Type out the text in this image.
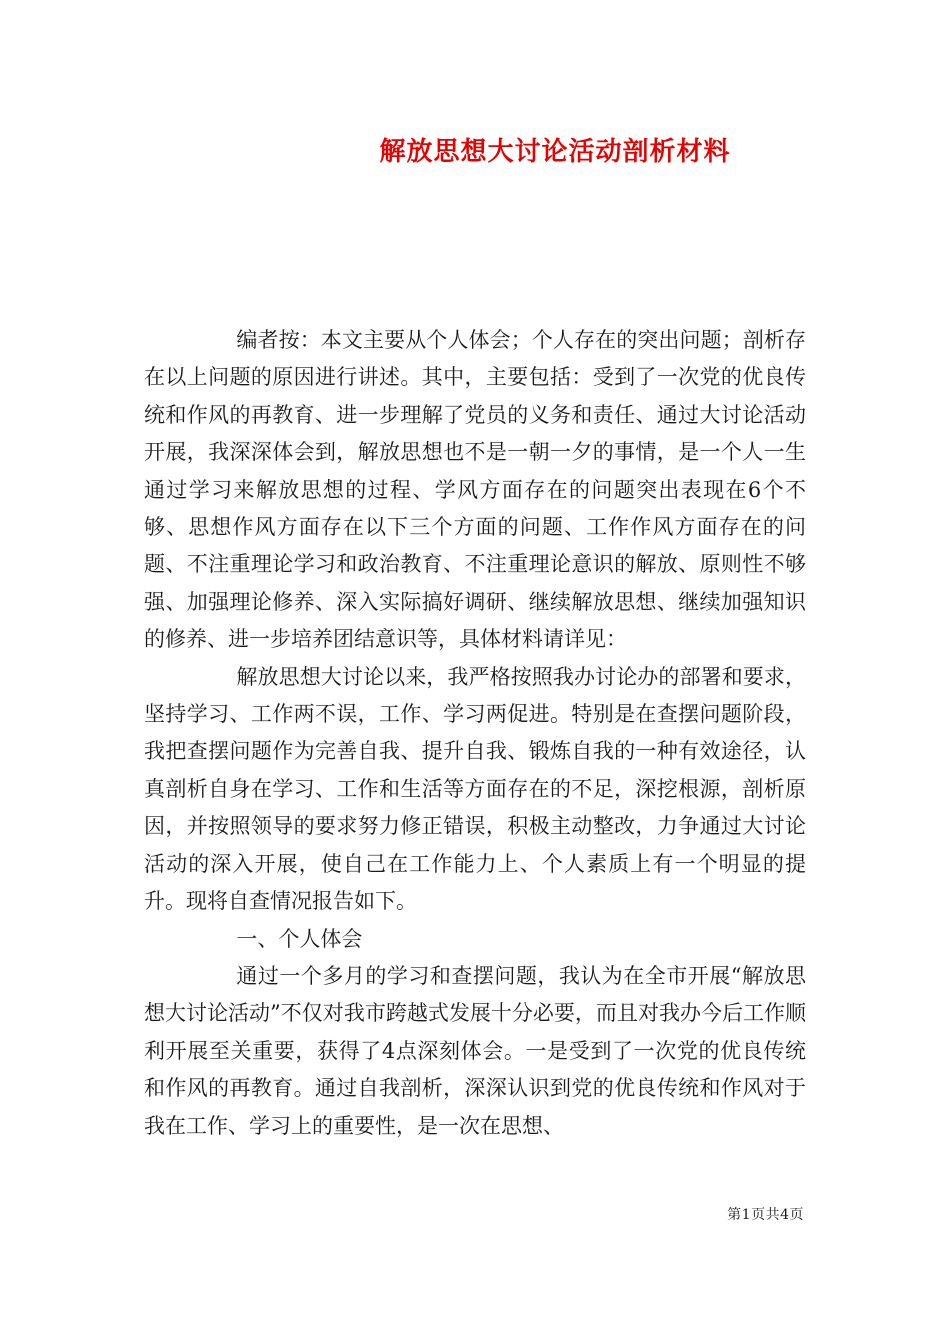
解放思想大讨论活动剖析材料

编者按：本文主要从个人体会；个人存在的突出问题；剖析存在以上问题的原因进行讲述。其中，主要包括：受到了一次党的优良传统和作风的再教育、进一步理解了党员的义务和责任、通过大讨论活动开展，我深深体会到，解放思想也不是一朝一夕的事情，是一个人一生通过学习来解放思想的过程、学风方面存在的问题突出表现在6个不够、思想作风方面存在以下三个方面的问题、工作作风方面存在的问题、不注重理论学习和政治教育、不注重理论意识的解放、原则性不够强、加强理论修养、深入实际搞好调研、继续解放思想、继续加强知识的修养、进一步培养团结意识等，具体材料请详见：

解放思想大讨论以来，我严格按照我办讨论办的部署和要求，坚持学习、工作两不误，工作、学习两促进。特别是在查摆问题阶段，我把查摆问题作为完善自我、提升自我、锻炼自我的一种有效途径，认真剖析自身在学习、工作和生活等方面存在的不足，深挖根源，剖析原因，并按照领导的要求努力修正错误，积极主动整改，力争通过大讨论活动的深入开展，使自己在工作能力上、个人素质上有一个明显的提升。现将自查情况报告如下。

一、个人体会

通过一个多月的学习和查摆问题，我认为在全市开展“解放思想大讨论活动”不仅对我市跨越式发展十分必要，而且对我办今后工作顺利开展至关重要，获得了4点深刻体会。一是受到了一次党的优良传统和作风的再教育。通过自我剖析，深深认识到党的优良传统和作风对于我在工作、学习上的重要性，是一次在思想、

第1页共4页
